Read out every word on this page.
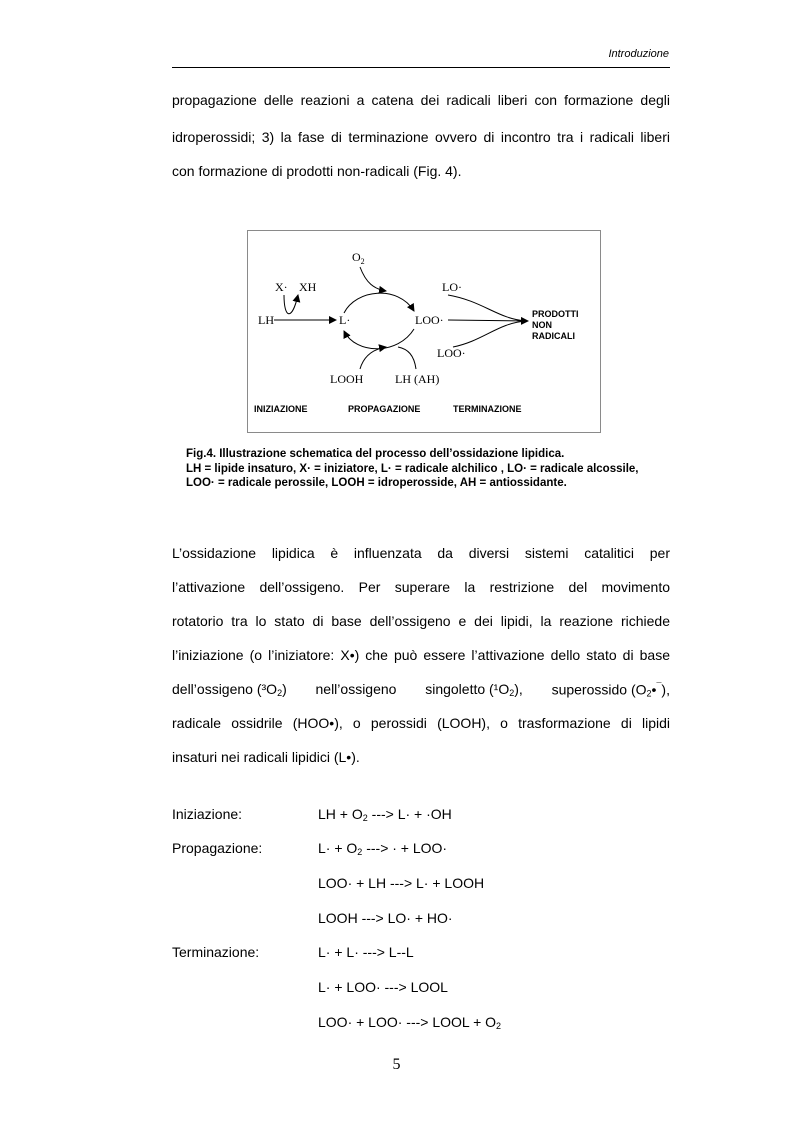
Introduzione
propagazione delle reazioni a catena dei radicali liberi con formazione degli
idroperossidi; 3) la fase di terminazione ovvero di incontro tra i radicali liberi
con formazione di prodotti non-radicali (Fig. 4).
$O_2$
X· XH
LH	L·	LOO·
LO·
LOO·
LOOH	LH (AH)
PRODOTTI
NON
RADICALI
INIZIAZIONE	PROPAGAZIONE	TERMINAZIONE
Fig.4. Illustrazione schematica del processo dell’ossidazione lipidica.
LH = lipide insaturo, X· = iniziatore, L· = radicale alchilico , LO· = radicale alcossile, LOO· = radicale perossile, LOOH = idroperosside, AH = antiossidante.
L’ossidazione lipidica è influenzata da diversi sistemi catalitici per
l’attivazione dell’ossigeno. Per superare la restrizione del movimento
rotatorio tra lo stato di base dell’ossigeno e dei lipidi, la reazione richiede
l’iniziazione (o l’iniziatore: X•) che può essere l’attivazione dello stato di base
dell’ossigeno $(^3O_2)$ nell’ossigeno singoletto $(^1O_2)$, superossido $(O_2•^¯)$,
radicale ossidrile (HOO•), o perossidi (LOOH), o trasformazione di lipidi
insaturi nei radicali lipidici (L•).
Iniziazione:	LH + $O_2$ ---> L· + ·OH
Propagazione:	$L\cdot + O_2$ ---> · + LOO·
LOO· + LH ---> L· + LOOH
LOOH ---> LO· + HO·
Terminazione:	L· + L· ---> L--L
L· + LOO· ---> LOOL
LOO· + LOO· ---> LOOL + $O_2$
5
